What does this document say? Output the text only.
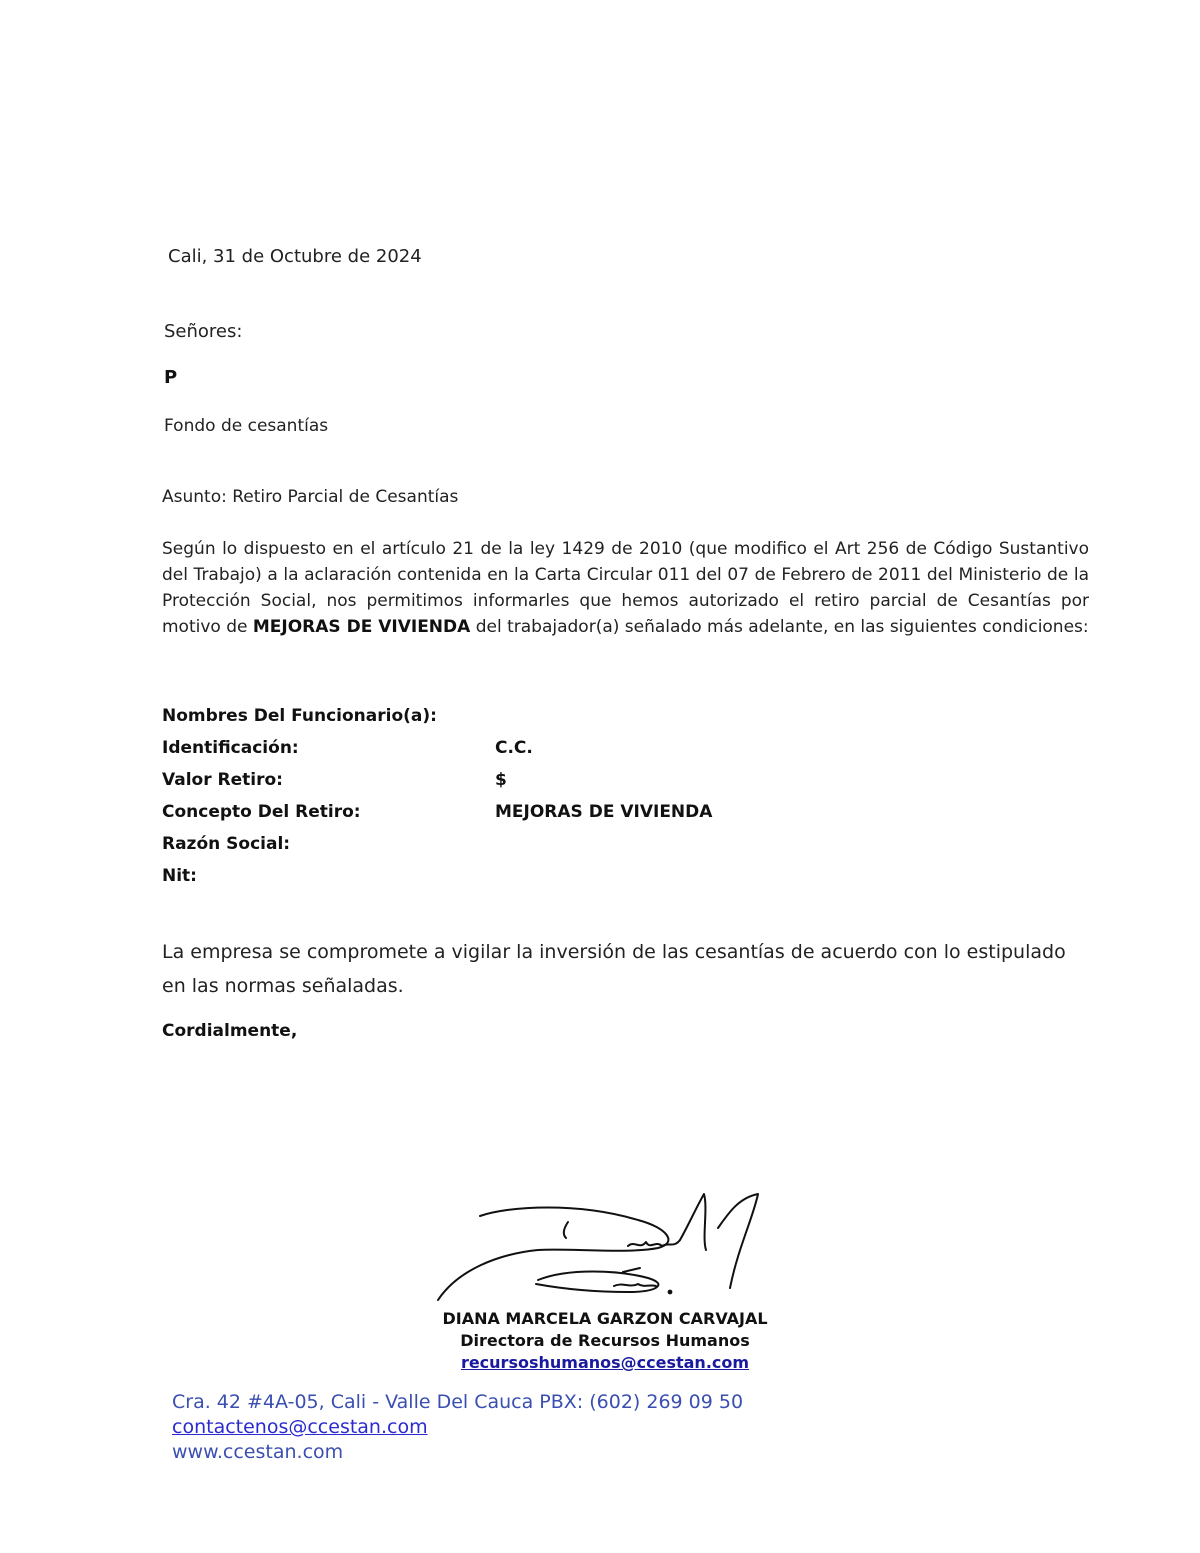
Cali, 31 de Octubre de 2024
Señores:
P
Fondo de cesantías
Asunto: Retiro Parcial de Cesantías
Según lo dispuesto en el artículo 21 de la ley 1429 de 2010 (que modifico el Art 256 de Código Sustantivo del Trabajo) a la aclaración contenida en la Carta Circular 011 del 07 de Febrero de 2011 del Ministerio de la Protección Social, nos permitimos informarles que hemos autorizado el retiro parcial de Cesantías por motivo de MEJORAS DE VIVIENDA del trabajador(a) señalado más adelante, en las siguientes condiciones:
Nombres Del Funcionario(a):
Identificación:	C.C.
Valor Retiro:	$
Concepto Del Retiro:	MEJORAS DE VIVIENDA
Razón Social:
Nit:
La empresa se compromete a vigilar la inversión de las cesantías de acuerdo con lo estipulado en las normas señaladas.
Cordialmente,
DIANA MARCELA GARZON CARVAJAL
Directora de Recursos Humanos
recursoshumanos@ccestan.com
Cra. 42 #4A-05, Cali - Valle Del Cauca PBX: (602) 269 09 50
contactenos@ccestan.com
www.ccestan.com
